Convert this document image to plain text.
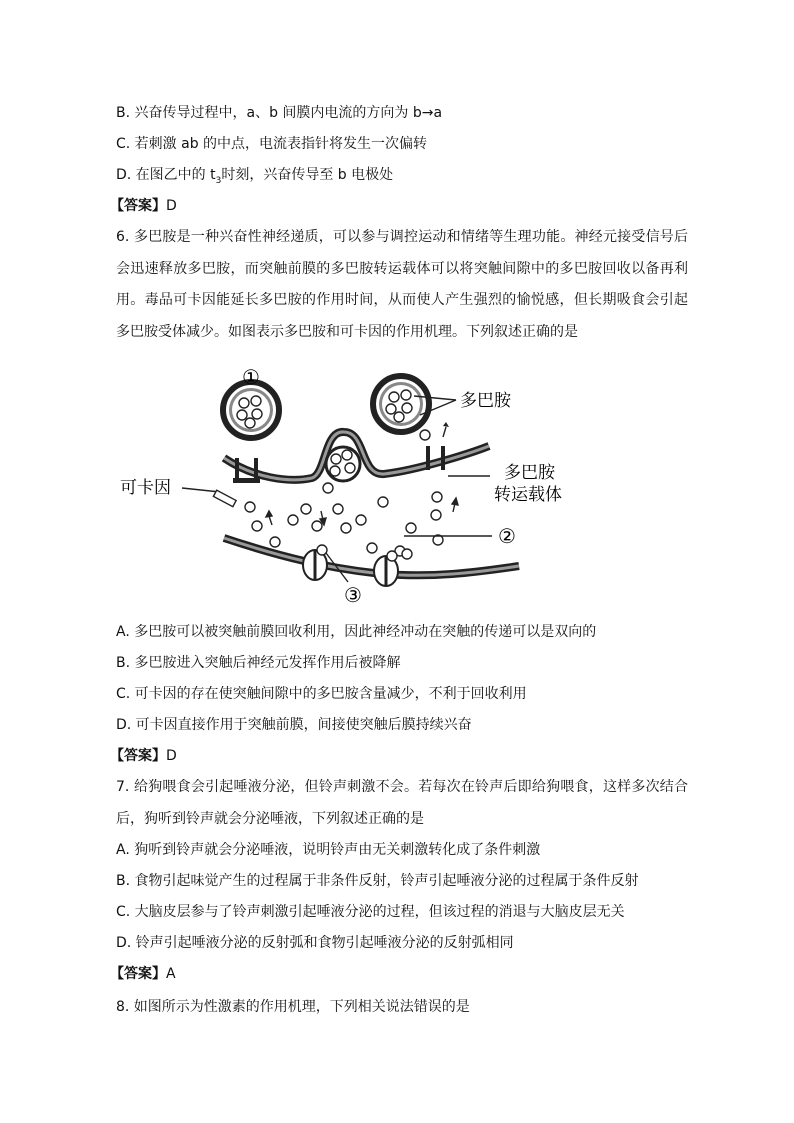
B. 兴奋传导过程中，a、b 间膜内电流的方向为 b→a
C. 若刺激 ab 的中点，电流表指针将发生一次偏转
D. 在图乙中的 $t_3$时刻，兴奋传导至 b 电极处
【答案】D
6. 多巴胺是一种兴奋性神经递质，可以参与调控运动和情绪等生理功能。神经元接受信号后会迅速释放多巴胺，而突触前膜的多巴胺转运载体可以将突触间隙中的多巴胺回收以备再利用。毒品可卡因能延长多巴胺的作用时间，从而使人产生强烈的愉悦感，但长期吸食会引起多巴胺受体减少。如图表示多巴胺和可卡因的作用机理。下列叙述正确的是
①
多巴胺
多巴胺
转运载体
可卡因
②
③
A. 多巴胺可以被突触前膜回收利用，因此神经冲动在突触的传递可以是双向的
B. 多巴胺进入突触后神经元发挥作用后被降解
C. 可卡因的存在使突触间隙中的多巴胺含量减少，不利于回收利用
D. 可卡因直接作用于突触前膜，间接使突触后膜持续兴奋
【答案】D
7. 给狗喂食会引起唾液分泌，但铃声刺激不会。若每次在铃声后即给狗喂食，这样多次结合后，狗听到铃声就会分泌唾液，下列叙述正确的是
A. 狗听到铃声就会分泌唾液，说明铃声由无关刺激转化成了条件刺激
B. 食物引起味觉产生的过程属于非条件反射，铃声引起唾液分泌的过程属于条件反射
C. 大脑皮层参与了铃声刺激引起唾液分泌的过程，但该过程的消退与大脑皮层无关
D. 铃声引起唾液分泌的反射弧和食物引起唾液分泌的反射弧相同
【答案】A
8. 如图所示为性激素的作用机理，下列相关说法错误的是
